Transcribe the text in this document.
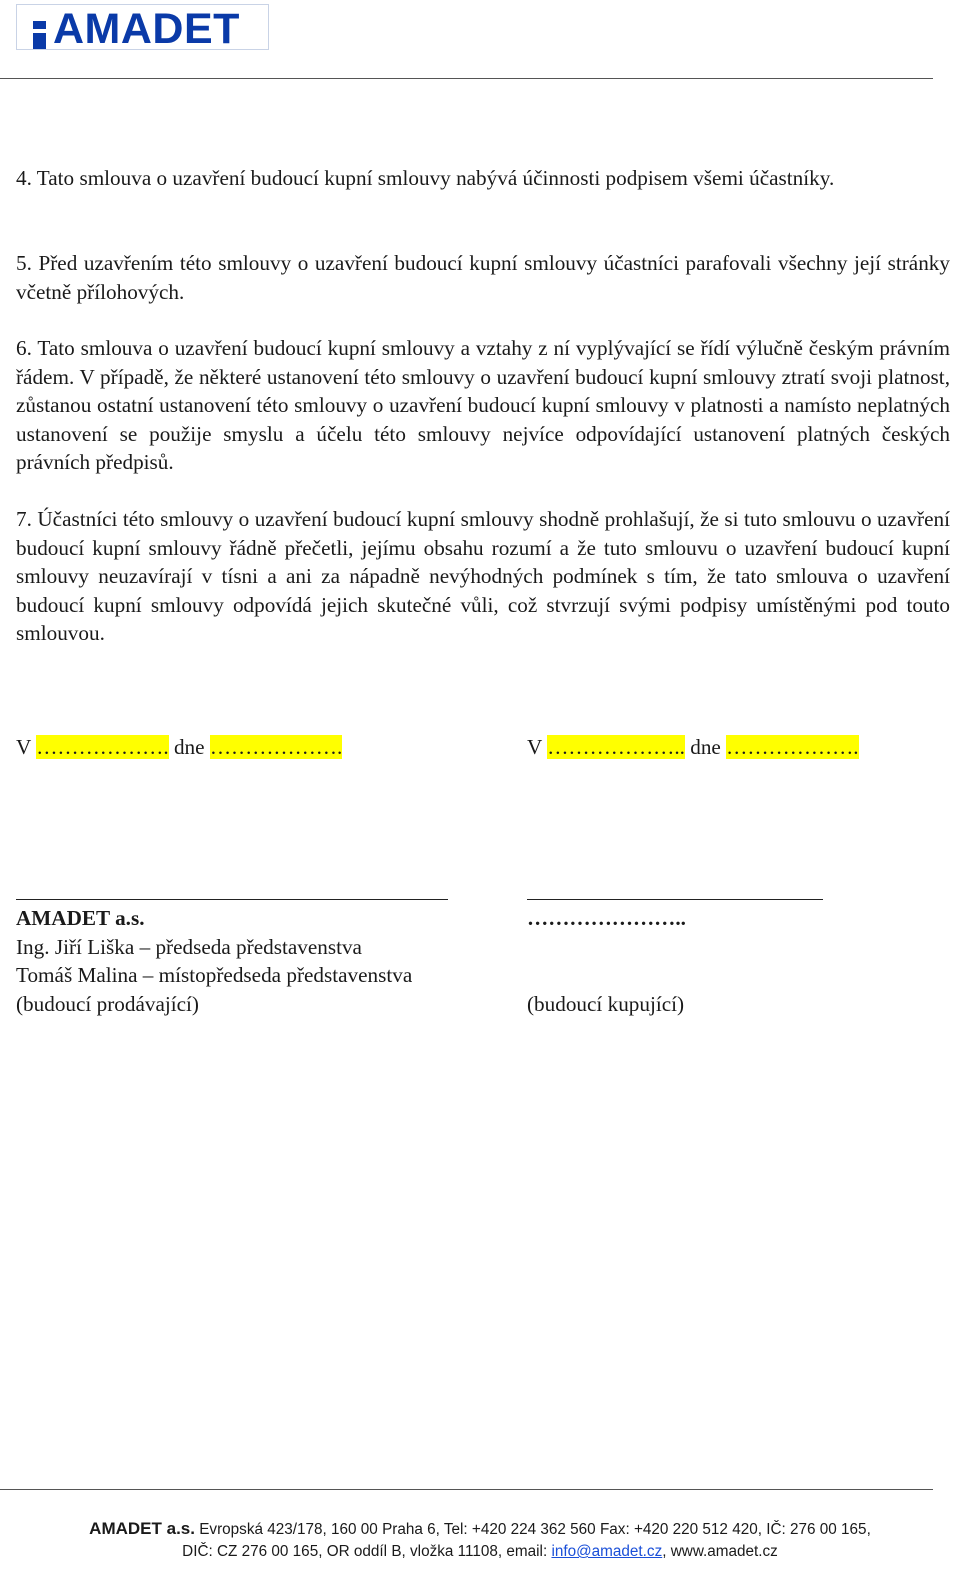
AMADET

4. Tato smlouva o uzavření budoucí kupní smlouvy nabývá účinnosti podpisem všemi účastníky.

5. Před uzavřením této smlouvy o uzavření budoucí kupní smlouvy účastníci parafovali všechny její stránky včetně přílohových.

6. Tato smlouva o uzavření budoucí kupní smlouvy a vztahy z ní vyplývající se řídí výlučně českým právním řádem. V případě, že některé ustanovení této smlouvy o uzavření budoucí kupní smlouvy ztratí svoji platnost, zůstanou ostatní ustanovení této smlouvy o uzavření budoucí kupní smlouvy v platnosti a namísto neplatných ustanovení se použije smyslu a účelu této smlouvy nejvíce odpovídající ustanovení platných českých právních předpisů.

7. Účastníci této smlouvy o uzavření budoucí kupní smlouvy shodně prohlašují, že si tuto smlouvu o uzavření budoucí kupní smlouvy řádně přečetli, jejímu obsahu rozumí a že tuto smlouvu o uzavření budoucí kupní smlouvy neuzavírají v tísni a ani za nápadně nevýhodných podmínek s tím, že tato smlouva o uzavření budoucí kupní smlouvy odpovídá jejich skutečné vůli, což stvrzují svými podpisy umístěnými pod touto smlouvou.

V ………………. dne ……………….	V ……………….. dne ……………….
AMADET a.s.
Ing. Jiří Liška – předseda představenstva
Tomáš Malina – místopředseda představenstva
(budoucí prodávající)
…………………..

(budoucí kupující)
AMADET a.s. Evropská 423/178, 160 00 Praha 6, Tel: +420 224 362 560 Fax: +420 220 512 420, IČ: 276 00 165,
DIČ: CZ 276 00 165, OR oddíl B, vložka 11108, email: info@amadet.cz, www.amadet.cz
